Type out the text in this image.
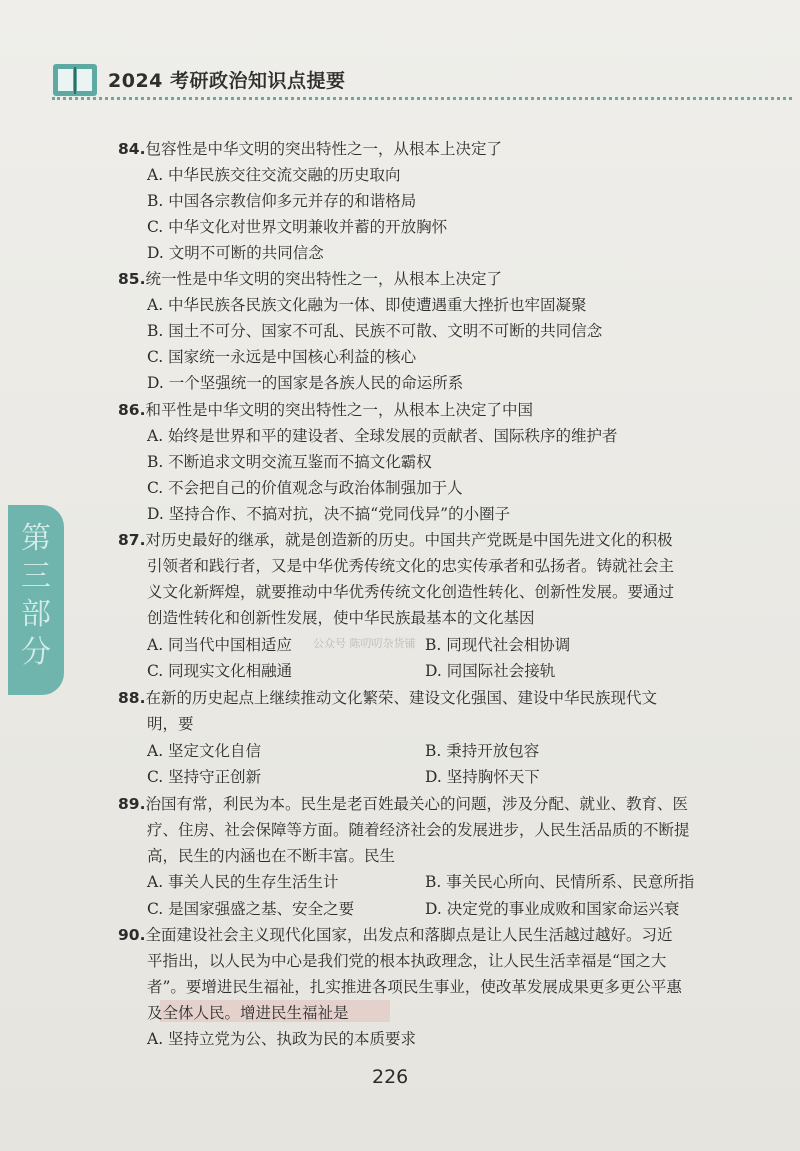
2024 考研政治知识点提要
第
三
部
分
84.包容性是中华文明的突出特性之一，从根本上决定了
A. 中华民族交往交流交融的历史取向
B. 中国各宗教信仰多元并存的和谐格局
C. 中华文化对世界文明兼收并蓄的开放胸怀
D. 文明不可断的共同信念
85.统一性是中华文明的突出特性之一，从根本上决定了
A. 中华民族各民族文化融为一体、即使遭遇重大挫折也牢固凝聚
B. 国土不可分、国家不可乱、民族不可散、文明不可断的共同信念
C. 国家统一永远是中国核心利益的核心
D. 一个坚强统一的国家是各族人民的命运所系
86.和平性是中华文明的突出特性之一，从根本上决定了中国
A. 始终是世界和平的建设者、全球发展的贡献者、国际秩序的维护者
B. 不断追求文明交流互鉴而不搞文化霸权
C. 不会把自己的价值观念与政治体制强加于人
D. 坚持合作、不搞对抗，决不搞“党同伐异”的小圈子
87.对历史最好的继承，就是创造新的历史。中国共产党既是中国先进文化的积极
引领者和践行者，又是中华优秀传统文化的忠实传承者和弘扬者。铸就社会主
义文化新辉煌，就要推动中华优秀传统文化创造性转化、创新性发展。要通过
创造性转化和创新性发展，使中华民族最基本的文化基因
A. 同当代中国相适应	B. 同现代社会相协调
C. 同现实文化相融通	D. 同国际社会接轨
88.在新的历史起点上继续推动文化繁荣、建设文化强国、建设中华民族现代文
明，要
A. 坚定文化自信	B. 秉持开放包容
C. 坚持守正创新	D. 坚持胸怀天下
89.治国有常，利民为本。民生是老百姓最关心的问题，涉及分配、就业、教育、医
疗、住房、社会保障等方面。随着经济社会的发展进步，人民生活品质的不断提
高，民生的内涵也在不断丰富。民生
A. 事关人民的生存生活生计	B. 事关民心所向、民情所系、民意所指
C. 是国家强盛之基、安全之要	D. 决定党的事业成败和国家命运兴衰
90.全面建设社会主义现代化国家，出发点和落脚点是让人民生活越过越好。习近
平指出，以人民为中心是我们党的根本执政理念，让人民生活幸福是“国之大
者”。要增进民生福祉，扎实推进各项民生事业，使改革发展成果更多更公平惠
及全体人民。增进民生福祉是
A. 坚持立党为公、执政为民的本质要求
公众号 陈叨叨杂货铺
226
